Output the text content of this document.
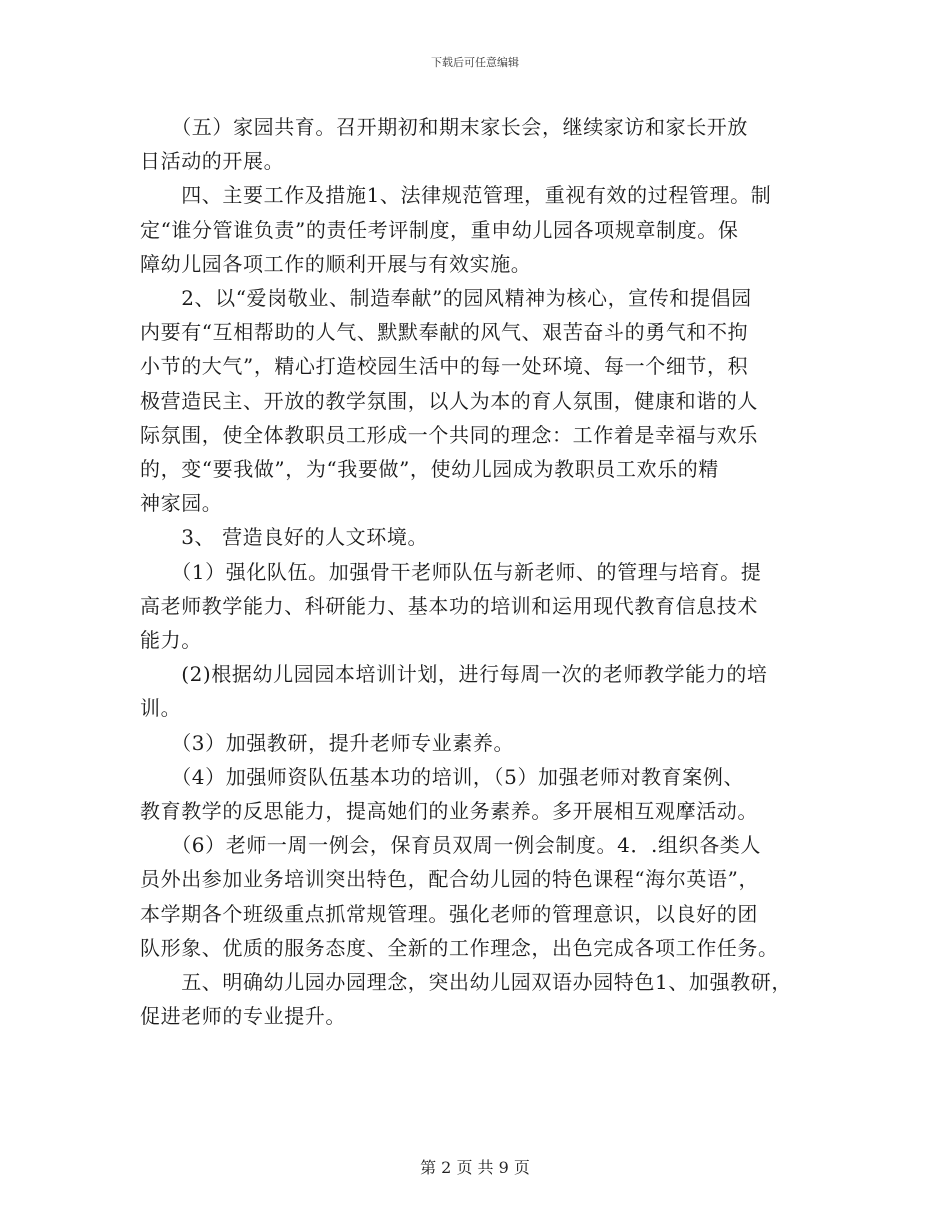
下载后可任意编辑
　　（五）家园共育。召开期初和期末家长会，继续家访和家长开放
日活动的开展。
　　四、主要工作及措施1、法律规范管理，重视有效的过程管理。制
定“谁分管谁负责”的责任考评制度，重申幼儿园各项规章制度。保
障幼儿园各项工作的顺利开展与有效实施。
　　2、以“爱岗敬业、制造奉献”的园风精神为核心，宣传和提倡园
内要有“互相帮助的人气、默默奉献的风气、艰苦奋斗的勇气和不拘
小节的大气”，精心打造校园生活中的每一处环境、每一个细节，积
极营造民主、开放的教学氛围，以人为本的育人氛围，健康和谐的人
际氛围，使全体教职员工形成一个共同的理念：工作着是幸福与欢乐
的，变“要我做”，为“我要做”，使幼儿园成为教职员工欢乐的精
神家园。
　　3、 营造良好的人文环境。
　　（1）强化队伍。加强骨干老师队伍与新老师、的管理与培育。提
高老师教学能力、科研能力、基本功的培训和运用现代教育信息技术
能力。
　　(2)根据幼儿园园本培训计划，进行每周一次的老师教学能力的培
训。
　　（3）加强教研，提升老师专业素养。
　　（4）加强师资队伍基本功的培训，（5）加强老师对教育案例、
教育教学的反思能力，提高她们的业务素养。多开展相互观摩活动。
　　（6）老师一周一例会，保育员双周一例会制度。4．.组织各类人
员外出参加业务培训突出特色，配合幼儿园的特色课程“海尔英语”，
本学期各个班级重点抓常规管理。强化老师的管理意识，以良好的团
队形象、优质的服务态度、全新的工作理念，出色完成各项工作任务。
　　五、明确幼儿园办园理念，突出幼儿园双语办园特色1、加强教研，
促进老师的专业提升。
第 2 页 共 9 页
